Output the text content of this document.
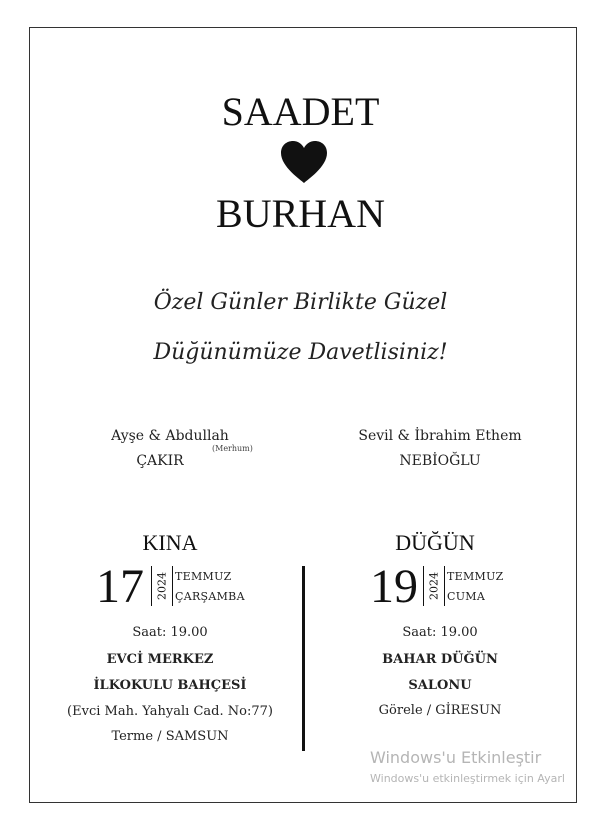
SAADET
BURHAN
Özel Günler Birlikte Güzel
Düğünümüze Davetlisiniz!
Ayşe & Abdullah
(Merhum)
ÇAKIR
Sevil & İbrahim Ethem
NEBİOĞLU
KINA
17 2024 TEMMUZ
ÇARŞAMBA
Saat: 19.00
EVCİ MERKEZ
İLKOKULU BAHÇESİ
(Evci Mah. Yahyalı Cad. No:77)
Terme / SAMSUN
DÜĞÜN
19 2024 TEMMUZ
CUMA
Saat: 19.00
BAHAR DÜĞÜN
SALONU
Görele / GİRESUN
Windows'u Etkinleştir
Windows'u etkinleştirmek için Ayarl
